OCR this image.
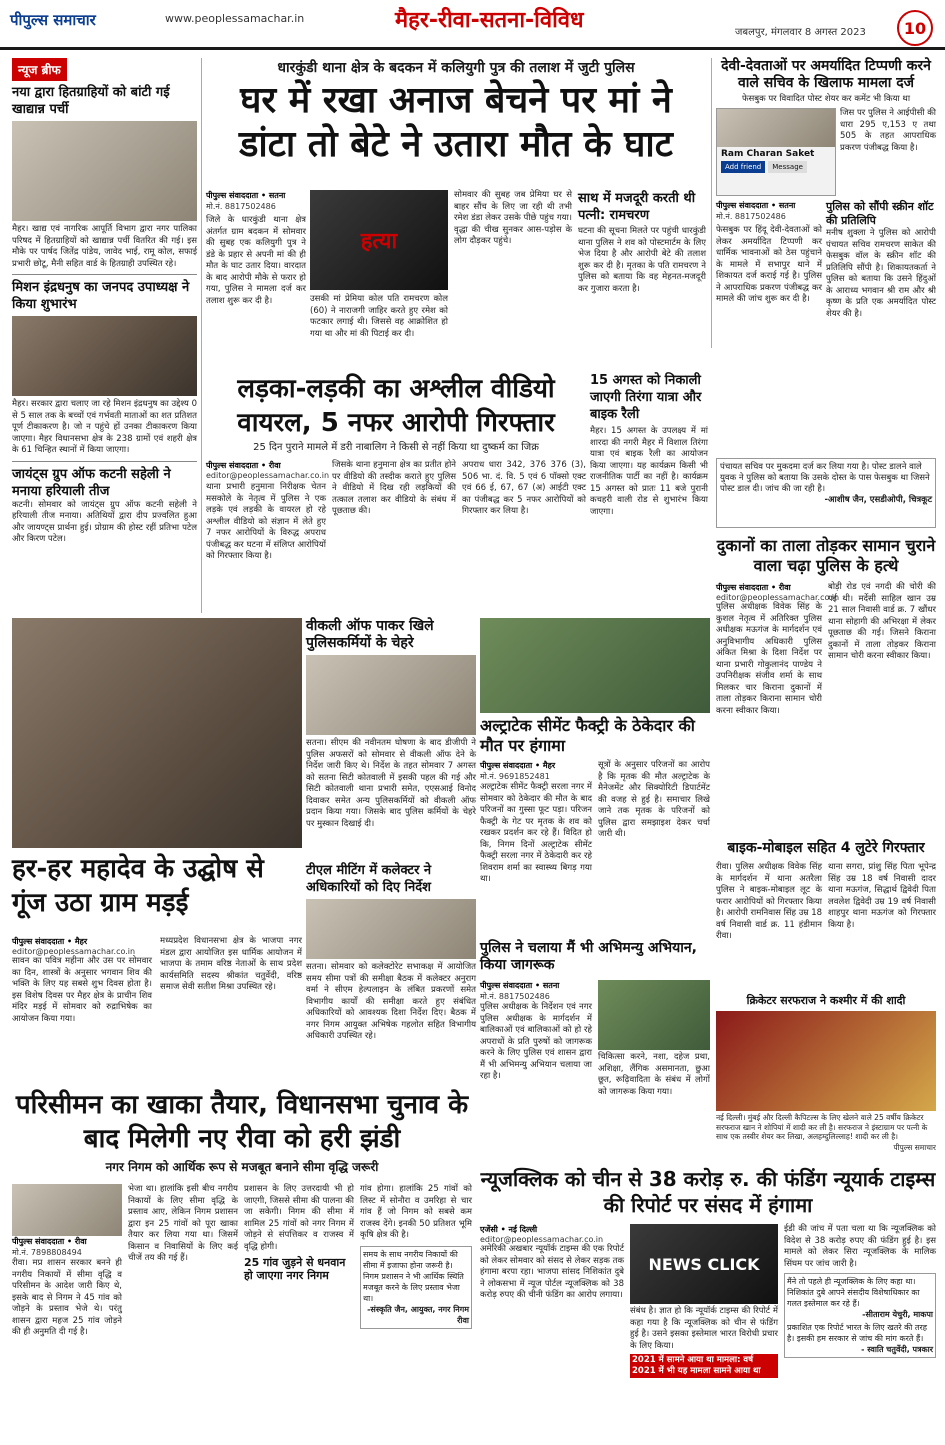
पीपुल्स समाचार	www.peoplessamachar.in	मैहर-रीवा-सतना-विविध	जबलपुर, मंगलवार 8 अगस्त 2023	10
न्यूज ब्रीफ
नया द्वारा हितग्राहियों को बांटी गई खाद्यान्न पर्ची
मैहर। खाद्य एवं नागरिक आपूर्ति विभाग द्वारा नगर पालिका परिषद में हितग्राहियों को खाद्यान्न पर्ची वितरित की गई। इस मौके पर पार्षद जितेंद्र पांडेय, जावेद भाई, रामू कोल, सफाई प्रभारी छोटू, मैनी सहित वार्ड के हितग्राही उपस्थित रहे।
मिशन इंद्रधनुष का जनपद उपाध्यक्ष ने किया शुभारंभ
मैहर। सरकार द्वारा चलाए जा रहे मिशन इंद्रधनुष का उद्देश्य 0 से 5 साल तक के बच्चों एवं गर्भवती माताओं का शत प्रतिशत पूर्ण टीकाकरण है। जो न पहुंचे हों उनका टीकाकरण किया जाएगा। मैहर विधानसभा क्षेत्र के 238 ग्रामों एवं शहरी क्षेत्र के 61 चिन्हित स्थानों में किया जाएगा।
जायंट्स ग्रुप ऑफ कटनी सहेली ने मनाया हरियाली तीज
कटनी। सोमवार को जायंट्स ग्रुप ऑफ कटनी सहेली ने हरियाली तीज मनाया। अतिथियों द्वारा दीप प्रज्वलित हुआ और जायण्ट्स प्रार्थना हुई। प्रोग्राम की होस्ट रहीं प्रतिभा पटेल और किरण पटेल।
धारकुंडी थाना क्षेत्र के बदकन में कलियुगी पुत्र की तलाश में जुटी पुलिस
घर में रखा अनाज बेचने पर मां ने डांटा तो बेटे ने उतारा मौत के घाट
पीपुल्स संवाददाता • सतना
मो.नं. 8817502486
जिले के धारकुंडी थाना क्षेत्र अंतर्गत ग्राम बदकन में सोमवार की सुबह एक कलियुगी पुत्र ने डंडे के प्रहार से अपनी मां की ही मौत के घाट उतार दिया। वारदात के बाद आरोपी मौके से फरार हो गया, पुलिस ने मामला दर्ज कर तलाश शुरू कर दी है।
हत्या
उसकी मां प्रेमिया कोल पति रामचरण कोल (60) ने नाराजगी जाहिर करते हुए रमेश को फटकार लगाई थी। जिससे वह आक्रोशित हो गया था और मां की पिटाई कर दी।
सोमवार की सुबह जब प्रेमिया घर से बाहर सौंच के लिए जा रही थी तभी रमेश डंडा लेकर उसके पीछे पहुंच गया। वृद्धा की चीख सुनकर आस-पड़ोस के लोग दौड़कर पहुंचे।
साथ में मजदूरी करती थी पत्नी: रामचरण
घटना की सूचना मिलते पर पहुंची धारकुंडी थाना पुलिस ने शव को पोस्टमार्टम के लिए भेज दिया है और आरोपी बेटे की तलाश शुरू कर दी है। मृतका के पति रामचरण ने पुलिस को बताया कि वह मेहनत-मजदूरी कर गुजारा करता है।
देवी-देवताओं पर अमर्यादित टिप्पणी करने वाले सचिव के खिलाफ मामला दर्ज
फेसबुक पर विवादित पोस्ट शेयर कर कमेंट भी किया था
Ram Charan Saket
Add friend	Message
जिस पर पुलिस ने आईपीसी की धारा 295 ए,153 ए तथा 505 के तहत आपराधिक प्रकरण पंजीबद्ध किया है।
पीपुल्स संवाददाता • सतना
मो.नं. 8817502486
फेसबुक पर हिंदू देवी-देवताओं को लेकर अमर्यादित टिप्पणी कर धार्मिक भावनाओं को ठेस पहुंचाने के मामले में सभापुर थाने में शिकायत दर्ज कराई गई है। पुलिस ने आपराधिक प्रकरण पंजीबद्ध कर मामले की जांच शुरू कर दी है।
पुलिस को सौंपी स्क्रीन शॉट की प्रतिलिपि
मनीष शुक्ला ने पुलिस को आरोपी पंचायत सचिव रामचरण साकेत की फेसबुक वॉल के स्क्रीन शॉट की प्रतिलिपि सौंपी है। शिकायतकर्ता ने पुलिस को बताया कि उसने हिंदुओं के आराध्य भगवान श्री राम और श्री कृष्ण के प्रति एक अमर्यादित पोस्ट शेयर की है।
पंचायत सचिव पर मुकदमा दर्ज कर लिया गया है। पोस्ट डालने वाले युवक ने पुलिस को बताया कि उसके दोस्त के पास फेसबुक था जिसने पोस्ट डाल दी। जांच की जा रही है।
-आशीष जैन, एसडीओपी, चित्रकूट
लड़का-लड़की का अश्लील वीडियो वायरल, 5 नफर आरोपी गिरफ्तार
25 दिन पुराने मामले में डरी नाबालिग ने किसी से नहीं किया था दुष्कर्म का जिक्र
पीपुल्स संवाददाता • रीवा
editor@peoplessamachar.co.in
थाना प्रभारी हनुमाना निरीक्षक चेतन मसकोले के नेतृत्व में पुलिस ने एक लड़के एवं लड़की के वायरल हो रहे अश्लील वीडियो को संज्ञान में लेते हुए 7 नफर आरोपियों के विरुद्ध अपराध पंजीबद्ध कर घटना में संलिप्त आरोपियों को गिरफ्तार किया है।
जिसके थाना हनुमाना क्षेत्र का प्रतीत होने पर वीडियो की तस्दीक कराते हुए पुलिस ने वीडियो में दिख रही लड़कियों की तत्काल तलाश कर वीडियो के संबंध में पूछताछ की।
अपराध धारा 342, 376 376 (3), 506 भा. दं. वि. 5 एवं 6 पॉक्सो एक्ट एवं 66 ई, 67, 67 (अ) आईटी एक्ट का पंजीबद्ध कर 5 नफर आरोपियों को गिरफ्तार कर लिया है।
15 अगस्त को निकाली जाएगी तिरंगा यात्रा और बाइक रैली
मैहर। 15 अगस्त के उपलक्ष्य में मां शारदा की नगरी मैहर में विशाल तिरंगा यात्रा एवं बाइक रैली का आयोजन किया जाएगा। यह कार्यक्रम किसी भी राजनीतिक पार्टी का नहीं है। कार्यक्रम 15 अगस्त को प्रातः 11 बजे पुरानी कचहरी वाली रोड से शुभारंभ किया जाएगा।
दुकानों का ताला तोड़कर सामान चुराने वाला चढ़ा पुलिस के हत्थे
पीपुल्स संवाददाता • रीवा
editor@peoplessamachar.co.in
पुलिस अधीक्षक विवेक सिंह के कुशल नेतृत्व में अतिरिक्त पुलिस अधीक्षक मऊगंज के मार्गदर्शन एवं अनुविभागीय अधिकारी पुलिस अंकित मिश्रा के दिशा निर्देश पर थाना प्रभारी गोकुलानंद पाण्डेय ने उपनिरीक्षक संजीव शर्मा के साथ मिलकर चार किराना दुकानों में ताला तोड़कर किराना सामान चोरी करना स्वीकार किया।
बोड़ी रोड एवं नगदी की चोरी की गई थी। मर्देसी साहिल खान उम्र 21 साल निवासी वार्ड क्र. 7 खौंधर थाना सोहागी की अभिरक्षा में लेकर पूछताछ की गई। जिसने किराना दुकानों में ताला तोड़कर किराना सामान चोरी करना स्वीकार किया।
हर-हर महादेव के उद्घोष से गूंज उठा ग्राम मड़ई
पीपुल्स संवाददाता • मैहर
editor@peoplessamachar.co.in
सावन का पवित्र महीना और उस पर सोमवार का दिन, शास्त्रों के अनुसार भगवान शिव की भक्ति के लिए यह सबसे शुभ दिवस होता है। इस विशेष दिवस पर मैहर क्षेत्र के प्राचीन शिव मंदिर मड़ई में सोमवार को रुद्राभिषेक का आयोजन किया गया।
मध्यप्रदेश विधानसभा क्षेत्र के भाजपा नगर मंडल द्वारा आयोजित इस धार्मिक आयोजन में भाजपा के तमाम वरिष्ठ नेताओं के साथ प्रदेश कार्यसमिति सदस्य श्रीकांत चतुर्वेदी, वरिष्ठ समाज सेवी सतीश मिश्रा उपस्थित रहे।
वीकली ऑफ पाकर खिले पुलिसकर्मियों के चेहरे
सतना। सीएम की नवीनतम घोषणा के बाद डीजीपी ने पुलिस अफसरों को सोमवार से वीकली ऑफ देने के निर्देश जारी किए थे। निर्देश के तहत सोमवार 7 अगस्त को सतना सिटी कोतवाली में इसकी पहल की गई और सिटी कोतवाली थाना प्रभारी समेत, एएसआई विनोद दिवाकर समेत अन्य पुलिसकर्मियों को वीकली ऑफ प्रदान किया गया। जिसके बाद पुलिस कर्मियों के चेहरे पर मुस्कान दिखाई दी।
अल्ट्राटेक सीमेंट फैक्ट्री के ठेकेदार की मौत पर हंगामा
पीपुल्स संवाददाता • मैहर
मो.नं. 9691852481
अल्ट्राटेक सीमेंट फैक्ट्री सरला नगर में सोमवार को ठेकेदार की मौत के बाद परिजनों का गुस्सा फूट पड़ा। परिजन फैक्ट्री के गेट पर मृतक के शव को रखकर प्रदर्शन कर रहे हैं। विदित हो कि, निगम दिनों अल्ट्राटेक सीमेंट फैक्ट्री सरला नगर में ठेकेदारी कर रहे शिवराम शर्मा का स्वास्थ्य बिगड़ गया था।
सूत्रों के अनुसार परिजनों का आरोप है कि मृतक की मौत अल्ट्राटेक के मैनेजमेंट और सिक्योरिटी डिपार्टमेंट की वजह से हुई है। समाचार लिखे जाने तक मृतक के परिजनों को पुलिस द्वारा समझाइश देकर चर्चा जारी थी।
टीएल मीटिंग में कलेक्टर ने अधिकारियों को दिए निर्देश
सतना। सोमवार को कलेक्टोरेट सभाकक्ष में आयोजित समय सीमा पत्रों की समीक्षा बैठक में कलेक्टर अनुराग वर्मा ने सीएम हेल्पलाइन के लंबित प्रकरणों समेत विभागीय कार्यों की समीक्षा करते हुए संबंधित अधिकारियों को आवश्यक दिशा निर्देश दिए। बैठक में नगर निगम आयुक्त अभिषेक गहलोत सहित विभागीय अधिकारी उपस्थित रहे।
पुलिस ने चलाया मैं भी अभिमन्यु अभियान, किया जागरूक
पीपुल्स संवाददाता • सतना
मो.नं. 8817502486
पुलिस अधीक्षक के निर्देशन एवं नगर पुलिस अधीक्षक के मार्गदर्शन में बालिकाओं एवं बालिकाओं को हो रहे अपराधों के प्रति पुरुषों को जागरूक करने के लिए पुलिस एवं शासन द्वारा मैं भी अभिमन्यु अभियान चलाया जा रहा है।
चिकित्सा करने, नशा, दहेज प्रथा, अशिक्षा, लैंगिक असमानता, छुआ छूत, रूढ़िवादिता के संबंध में लोगों को जागरूक किया गया।
बाइक-मोबाइल सहित 4 लुटेरे गिरफ्तार
रीवा। पुलिस अधीक्षक विवेक सिंह के मार्गदर्शन में थाना अतरैला पुलिस ने बाइक-मोबाइल लूट के फरार आरोपियों को गिरफ्तार किया है। आरोपी रामनिवास सिंह उम्र 18 वर्ष निवासी वार्ड क्र. 11 हंडीमान रीवा।
थाना सगरा, प्रांशु सिंह पिता भूपेन्द्र सिंह उम्र 18 वर्ष निवासी दादर थाना मऊगंज, सिद्धार्थ द्विवेदी पिता लवलेश द्विवेदी उम्र 19 वर्ष निवासी शाहपुर थाना मऊगंज को गिरफ्तार किया है।
क्रिकेटर सरफराज ने कश्मीर में की शादी
नई दिल्ली। मुंबई और दिल्ली कैपिटल्स के लिए खेलने वाले 25 वर्षीय क्रिकेटर सरफराज खान ने शोपियां में शादी कर ली है। सरफराज ने इंस्टाग्राम पर पत्नी के साथ एक तस्वीर शेयर कर लिखा, अलहम्दुलिल्लाह! शादी कर ली है।
पीपुल्स समाचार
परिसीमन का खाका तैयार, विधानसभा चुनाव के बाद मिलेगी नए रीवा को हरी झंडी
नगर निगम को आर्थिक रूप से मजबूत बनाने सीमा वृद्धि जरूरी
पीपुल्स संवाददाता • रीवा
मो.नं. 7898808494
रीवा। मप्र शासन सरकार बनने ही नगरीय निकायों में सीमा वृद्धि व परिसीमन के आदेश जारी किए थे, इसके बाद से निगम ने 45 गांव को जोड़ने के प्रस्ताव भेजे थे। परंतु शासन द्वारा महज 25 गांव जोड़ने की ही अनुमति दी गई है।
भेजा था। हालांकि इसी बीच नगरीय निकायों के लिए सीमा वृद्धि के प्रस्ताव आए, लेकिन निगम प्रशासन द्वारा इन 25 गांवों को पूरा खाका तैयार कर लिया गया था। जिसमें किसान व निवासियों के लिए कई चीजें तय की गई हैं।
प्रशासन के लिए उत्तरदायी भी हो जाएगी, जिससे सीमा की पालना की जा सकेगी। निगम की सीमा में शामिल 25 गांवों को नगर निगम में जोड़ने से संपत्तिकर व राजस्व में वृद्धि होगी।
25 गांव जुड़ने से धनवान हो जाएगा नगर निगम
गांव होगा। हालांकि 25 गांवों को लिस्ट में सोनौरा व उमरिहा से चार गांव हैं जो निगम को सबसे कम राजस्व देंगे। इनकी 50 प्रतिशत भूमि कृषि क्षेत्र की है।
समय के साथ नगरीय निकायों की सीमा में इजाफा होना जरूरी है। निगम प्रशासन ने भी आर्थिक स्थिति मजबूत करने के लिए प्रस्ताव भेजा था।
-संस्कृति जैन, आयुक्त, नगर निगम रीवा
न्यूजक्लिक को चीन से 38 करोड़ रु. की फंडिंग न्यूयार्क टाइम्स की रिपोर्ट पर संसद में हंगामा
एजेंसी • नई दिल्ली
editor@peoplessamachar.co.in
अमेरिकी अखबार न्यूयॉर्क टाइम्स की एक रिपोर्ट को लेकर सोमवार को संसद से लेकर सड़क तक हंगामा बरपा रहा। भाजपा सांसद निशिकांत दुबे ने लोकसभा में न्यूज पोर्टल न्यूजक्लिक को 38 करोड़ रुपए की चीनी फंडिंग का आरोप लगाया।
NEWS CLICK
संबंध है। ज्ञात हो कि न्यूयॉर्क टाइम्स की रिपोर्ट में कहा गया है कि न्यूजक्लिक को चीन से फंडिंग हुई है। उसने इसका इस्तेमाल भारत विरोधी प्रचार के लिए किया।
2021 में सामने आया था मामला: वर्ष 2021 में भी यह मामला सामने आया था
ईडी की जांच में पता चला था कि न्यूजक्लिक को विदेश से 38 करोड़ रुपए की फंडिंग हुई है। इस मामले को लेकर सिरा न्यूजक्लिक के मालिक सिंघम पर जांच जारी है।
मैंने तो पहले ही न्यूजक्लिक के लिए कहा था। निशिकांत दुबे आपने संसदीय विशेषाधिकार का गलत इस्तेमाल कर रहे हैं।
-सीताराम येचुरी, माकपा
प्रकाशित एक रिपोर्ट भारत के लिए खतरे की तरह है। इसकी हम सरकार से जांच की मांग करते हैं।
- स्वाति चतुर्वेदी, पत्रकार
